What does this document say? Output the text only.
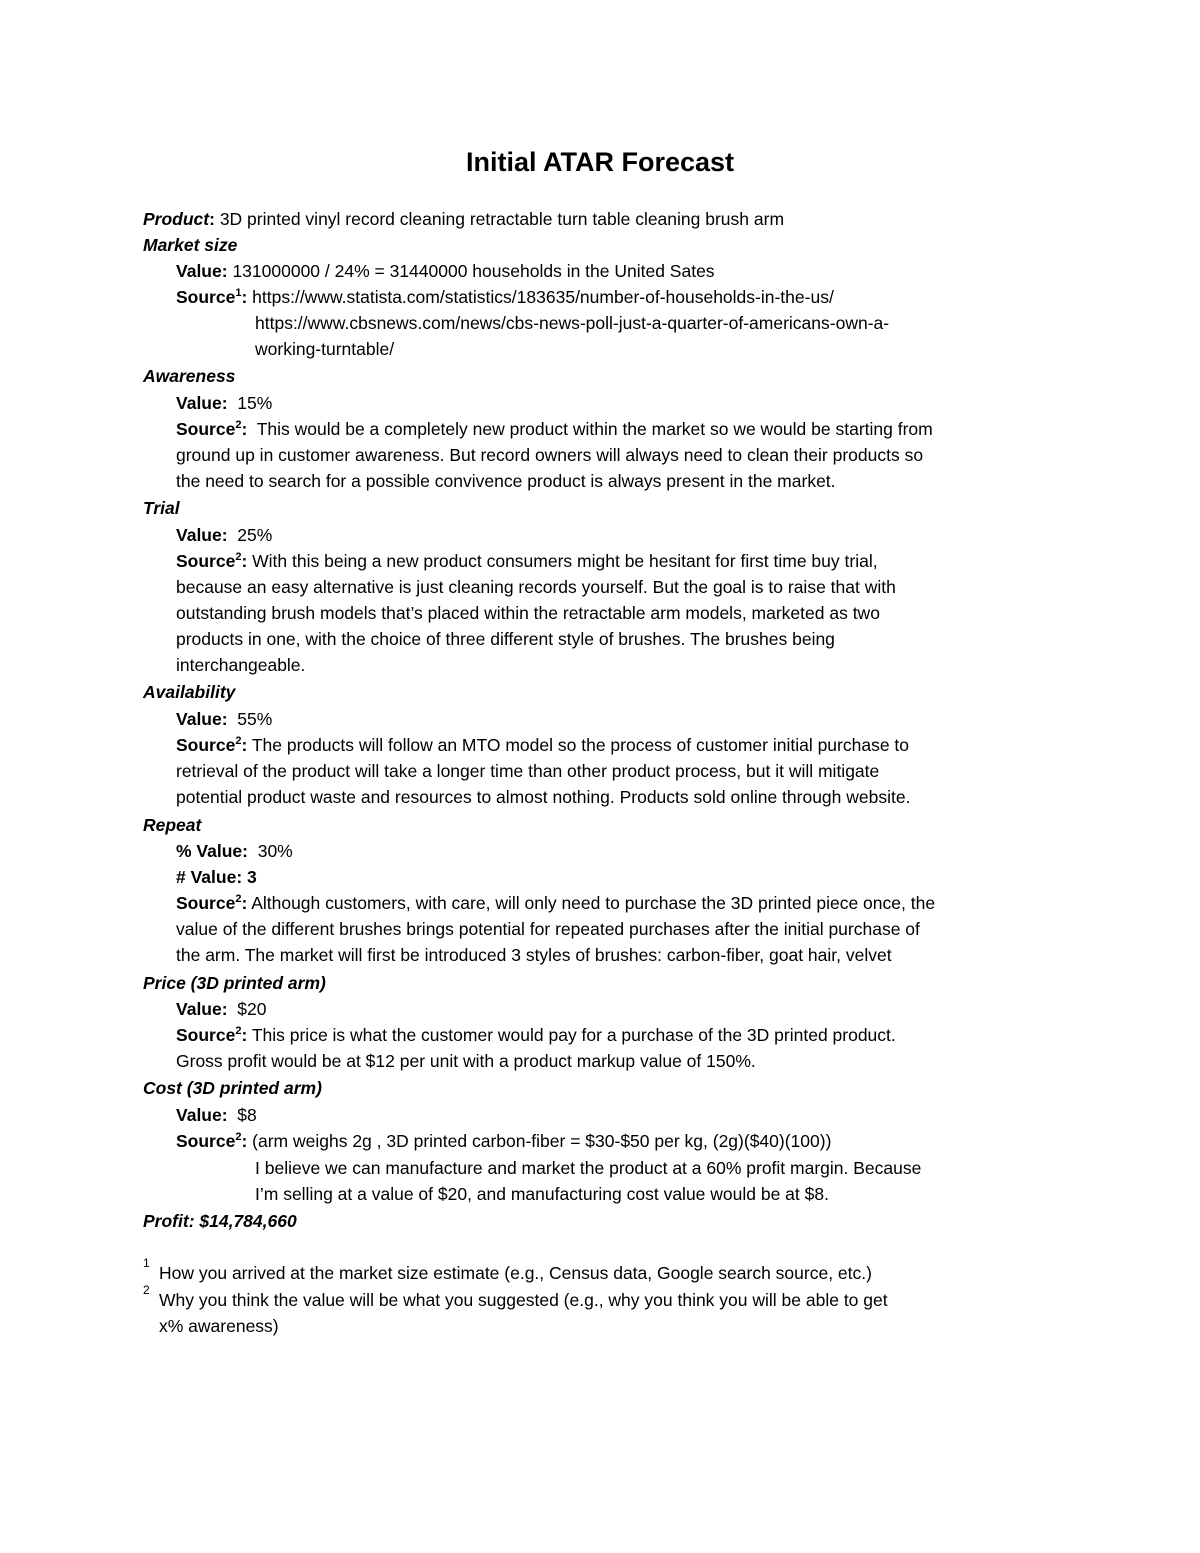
Initial ATAR Forecast
Product: 3D printed vinyl record cleaning retractable turn table cleaning brush arm
Market size
Value: 131000000 / 24% = 31440000 households in the United Sates
Source$^1$: https://www.statista.com/statistics/183635/number-of-households-in-the-us/
https://www.cbsnews.com/news/cbs-news-poll-just-a-quarter-of-americans-own-a-
working-turntable/
Awareness
Value: 15%
Source$^2$: This would be a completely new product within the market so we would be starting from
ground up in customer awareness. But record owners will always need to clean their products so
the need to search for a possible convivence product is always present in the market.
Trial
Value: 25%
Source$^2$: With this being a new product consumers might be hesitant for first time buy trial,
because an easy alternative is just cleaning records yourself. But the goal is to raise that with
outstanding brush models that’s placed within the retractable arm models, marketed as two
products in one, with the choice of three different style of brushes. The brushes being
interchangeable.
Availability
Value: 55%
Source$^2$: The products will follow an MTO model so the process of customer initial purchase to
retrieval of the product will take a longer time than other product process, but it will mitigate
potential product waste and resources to almost nothing. Products sold online through website.
Repeat
% Value: 30%
# Value: 3
Source$^2$: Although customers, with care, will only need to purchase the 3D printed piece once, the
value of the different brushes brings potential for repeated purchases after the initial purchase of
the arm. The market will first be introduced 3 styles of brushes: carbon-fiber, goat hair, velvet
Price (3D printed arm)
Value: $20
Source$^2$: This price is what the customer would pay for a purchase of the 3D printed product.
Gross profit would be at $12 per unit with a product markup value of 150%.
Cost (3D printed arm)
Value: $8
Source$^2$: (arm weighs 2g , 3D printed carbon-fiber = $30-$50 per kg, (2g)($40)(100))
I believe we can manufacture and market the product at a 60% profit margin. Because
I’m selling at a value of $20, and manufacturing cost value would be at $8.
Profit: $14,784,660
1 How you arrived at the market size estimate (e.g., Census data, Google search source, etc.)
2 Why you think the value will be what you suggested (e.g., why you think you will be able to get
x% awareness)
